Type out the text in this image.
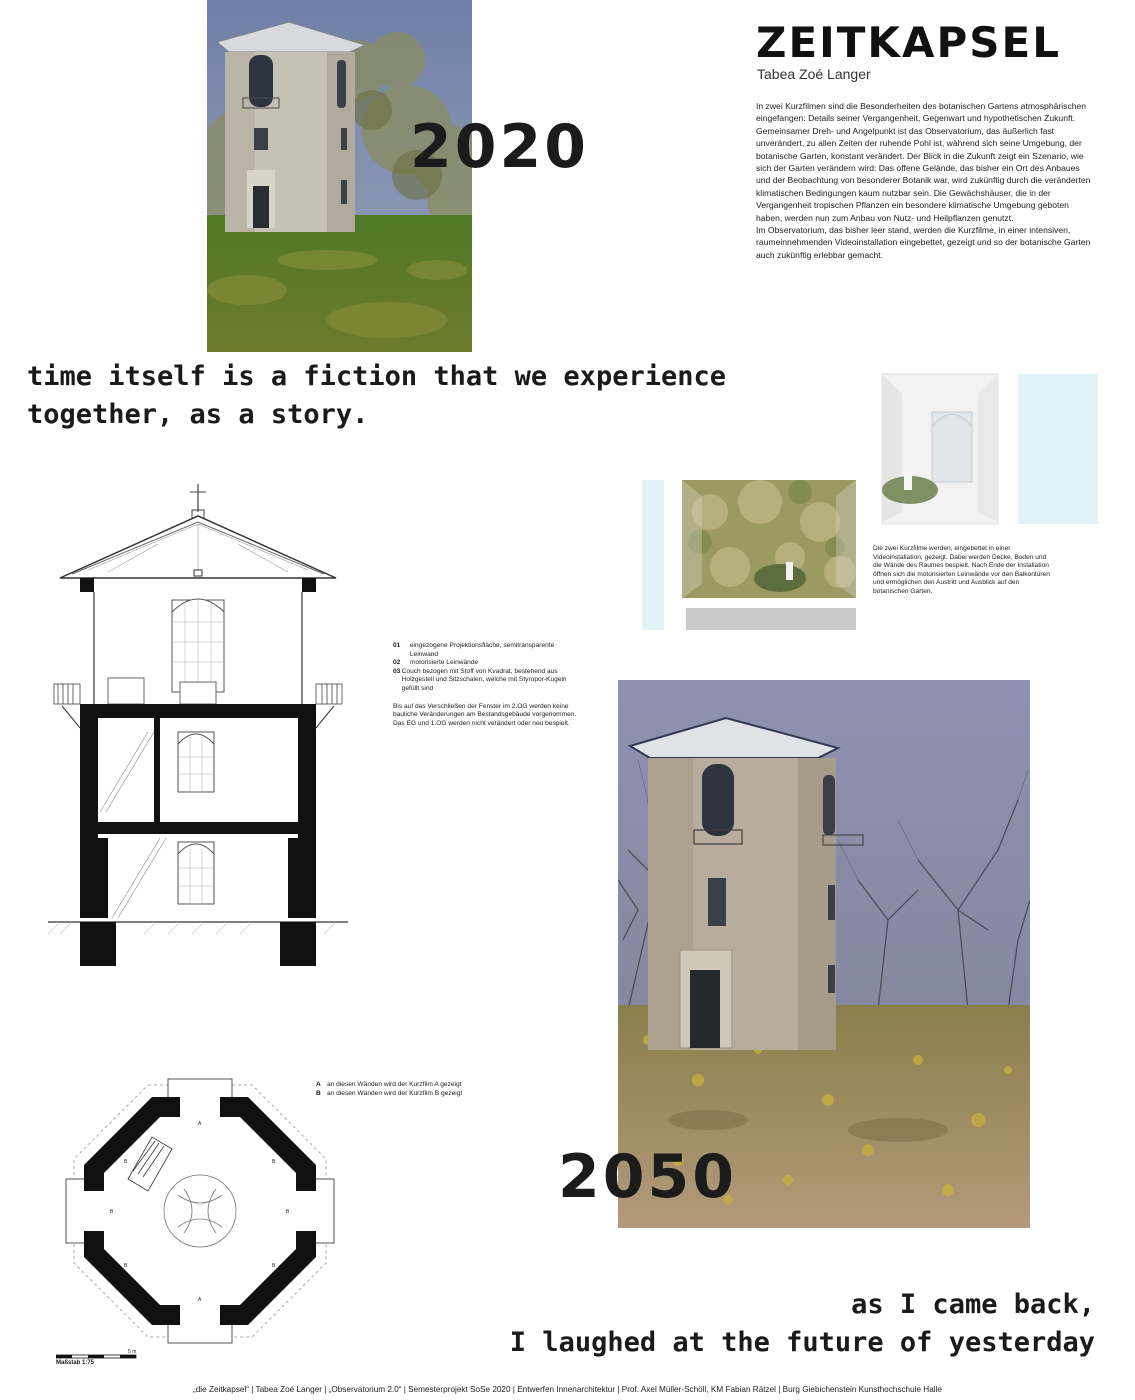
ZEITKAPSEL
Tabea Zoé Langer

In zwei Kurzfilmen sind die Besonderheiten des botanischen Gartens atmosphärischen eingefangen: Details seiner Vergangenheit, Gegenwart und hypothetischen Zukunft. Gemeinsamer Dreh- und Angelpunkt ist das Observatorium, das äußerlich fast unverändert, zu allen Zeiten der ruhende Pohl ist, während sich seine Umgebung, der botanische Garten, konstant verändert. Der Blick in die Zukunft zeigt ein Szenario, wie sich der Garten verändern wird: Das offene Gelände, das bisher ein Ort des Anbaues und der Beobachtung von besonderer Botanik war, wird zukünftig durch die veränderten klimatischen Bedingungen kaum nutzbar sein. Die Gewächshäuser, die in der Vergangenheit tropischen Pflanzen ein besondere klimatische Umgebung geboten haben, werden nun zum Anbau von Nutz- und Heilpflanzen genutzt.

Im Observatorium, das bisher leer stand, werden die Kurzfilme, in einer intensiven, raumeinnehmenden Videoinstallation eingebettet, gezeigt und so der botanische Garten auch zukünftig erlebbar gemacht.

2020
time itself is a fiction that we experience
together, as a story.
Die zwei Kurzfilme werden, eingebettet in einer Videoinstallation, gezeigt. Dabei werden Decke, Boden und die Wände des Raumes bespielt. Nach Ende der Installation öffnen sich die motorisierten Leinwände vor den Balkontüren und ermöglichen den Austritt und Ausblick auf den botanischen Garten.
01	eingezogene Projektionsfläche, semitransparente Leinwand
02	motorisierte Leinwände
03 Couch bezogen mit Stoff von Kvadrat, bestehend aus Holzgestell und Sitzschalen, welche mit Styropor-Kugeln gefüllt sind
Bis auf das Verschließen der Fenster im 2.OG werden keine bauliche Veränderungen am Bestandsgebäude vorgenommen. Das EG und 1.OG werden nicht verändert oder neu bespielt.
2050
A
A
B	B
B	B
B	B
A an diesen Wänden wird der Kurzfilm A gezeigt
B an diesen Wänden wird der Kurzfilm B gezeigt
5 m
Maßstab 1:75
as I came back,
I laughed at the future of yesterday
„die Zeitkapsel“ | Tabea Zoé Langer | „Observatorium 2.0“ | Semesterprojekt SoSe 2020 | Entwerfen Innenarchitektur | Prof. Axel Müller-Schöll, KM Fabian Rätzel | Burg Giebichenstein Kunsthochschule Halle
